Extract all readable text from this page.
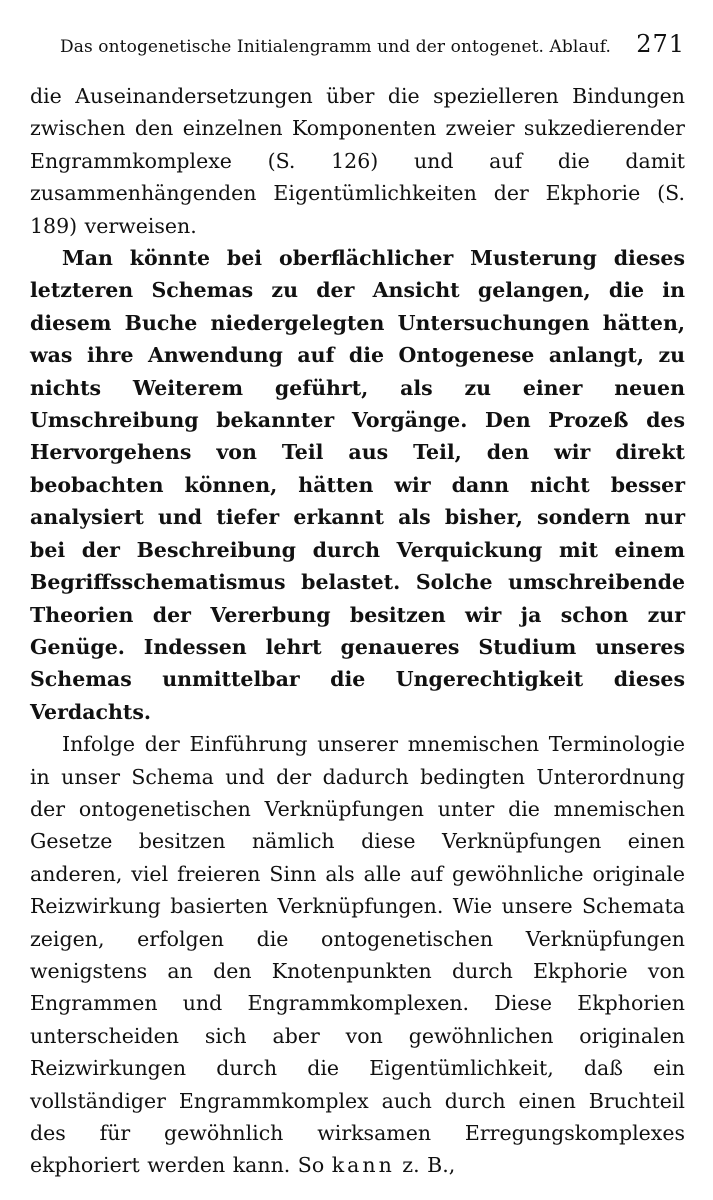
Das ontogenetische Initialengramm und der ontogenet. Ablauf. 271

die Auseinandersetzungen über die spezielleren Bindungen zwischen den einzelnen Komponenten zweier sukzedierender Engrammkomplexe (S. 126) und auf die damit zusammenhängenden Eigentümlichkeiten der Ekphorie (S. 189) verweisen.

Man könnte bei oberflächlicher Musterung dieses letzteren Schemas zu der Ansicht gelangen, die in diesem Buche niedergelegten Untersuchungen hätten, was ihre Anwendung auf die Ontogenese anlangt, zu nichts Weiterem geführt, als zu einer neuen Umschreibung bekannter Vorgänge. Den Prozeß des Hervorgehens von Teil aus Teil, den wir direkt beobachten können, hätten wir dann nicht besser analysiert und tiefer erkannt als bisher, sondern nur bei der Beschreibung durch Verquickung mit einem Begriffsschematismus belastet. Solche umschreibende Theorien der Vererbung besitzen wir ja schon zur Genüge. Indessen lehrt genaueres Studium unseres Schemas unmittelbar die Ungerechtigkeit dieses Verdachts.

Infolge der Einführung unserer mnemischen Terminologie in unser Schema und der dadurch bedingten Unterordnung der ontogenetischen Verknüpfungen unter die mnemischen Gesetze besitzen nämlich diese Verknüpfungen einen anderen, viel freieren Sinn als alle auf gewöhnliche originale Reizwirkung basierten Verknüpfungen. Wie unsere Schemata zeigen, erfolgen die ontogenetischen Verknüpfungen wenigstens an den Knotenpunkten durch Ekphorie von Engrammen und Engrammkomplexen. Diese Ekphorien unterscheiden sich aber von gewöhnlichen originalen Reizwirkungen durch die Eigentümlichkeit, daß ein vollständiger Engrammkomplex auch durch einen Bruchteil des für gewöhnlich wirksamen Erregungskomplexes ekphoriert werden kann. So kann z. B.,
